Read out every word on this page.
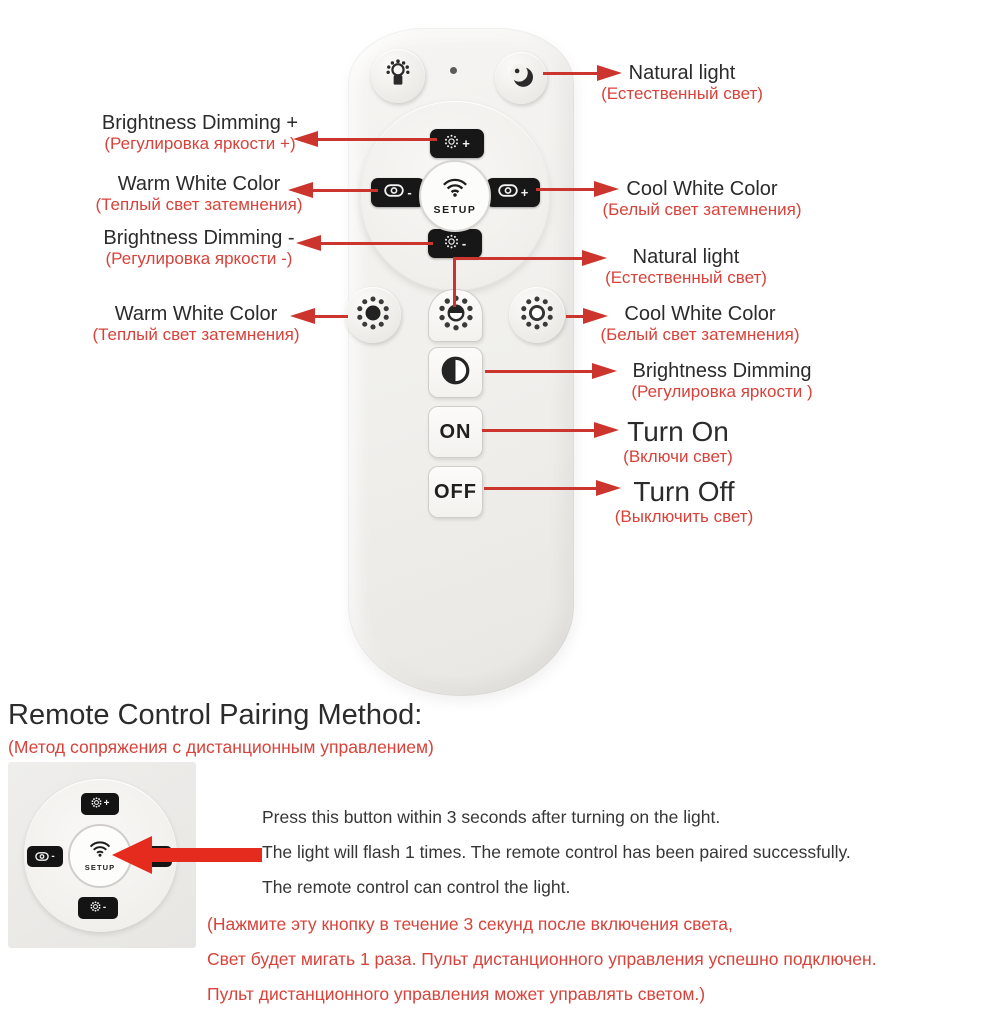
+
-	+
-
SETUP
ON
OFF
Brightness Dimming +
(Регулировка яркости +)
Warm White Color
(Теплый свет затемнения)
Brightness Dimming -
(Регулировка яркости -)
Warm White Color
(Теплый свет затемнения)
Natural light
(Естественный свет)
Cool White Color
(Белый свет затемнения)
Natural light
(Естественный свет)
Cool White Color
(Белый свет затемнения)
Brightness Dimming
(Регулировка яркости )
Turn On
(Включи свет)
Turn Off
(Выключить свет)
Remote Control Pairing Method:
(Метод сопряжения с дистанционным управлением)
+
-
-
SETUP
Press this button within 3 seconds after turning on the light.
The light will flash 1 times. The remote control has been paired successfully.
The remote control can control the light.
(Нажмите эту кнопку в течение 3 секунд после включения света,
Свет будет мигать 1 раза. Пульт дистанционного управления успешно подключен.
Пульт дистанционного управления может управлять светом.)
